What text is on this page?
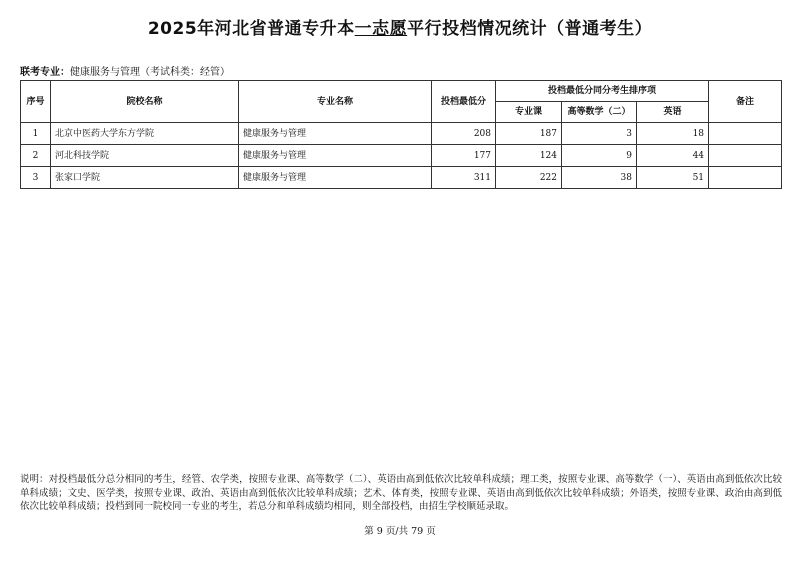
2025年河北省普通专升本一志愿平行投档情况统计（普通考生）
联考专业：健康服务与管理（考试科类：经管）
序号	院校名称	专业名称	投档最低分	投档最低分同分考生排序项			备注
				专业课	高等数学（二）	英语	
1	北京中医药大学东方学院	健康服务与管理	208	187	3	18	
2	河北科技学院	健康服务与管理	177	124	9	44	
3	张家口学院	健康服务与管理	311	222	38	51	
说明：对投档最低分总分相同的考生，经管、农学类，按照专业课、高等数学（二）、英语由高到低依次比较单科成绩；理工类，按照专业课、高等数学（一）、英语由高到低依次比较单科成绩；文史、医学类，按照专业课、政治、英语由高到低依次比较单科成绩；艺术、体育类，按照专业课、英语由高到低依次比较单科成绩；外语类，按照专业课、政治由高到低依次比较单科成绩；投档到同一院校同一专业的考生，若总分和单科成绩均相同，则全部投档，由招生学校顺延录取。
第 9 页/共 79 页
